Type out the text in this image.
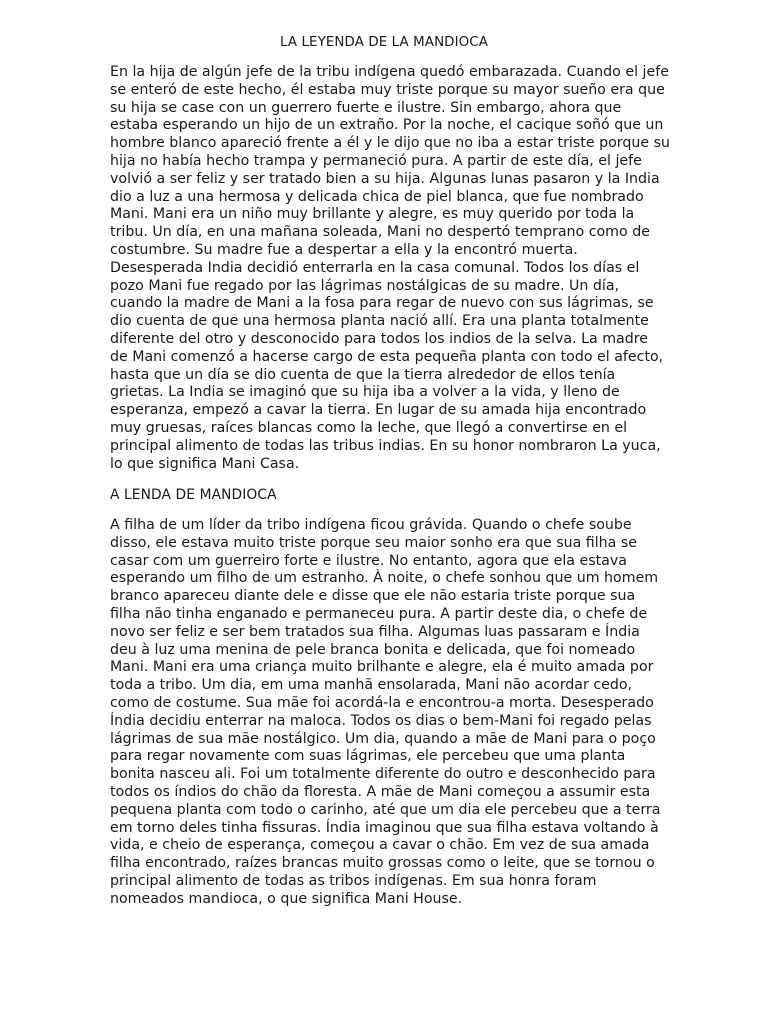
LA LEYENDA DE LA MANDIOCA

En la hija de algún jefe de la tribu indígena quedó embarazada. Cuando el jefe se enteró de este hecho, él estaba muy triste porque su mayor sueño era que su hija se case con un guerrero fuerte e ilustre. Sin embargo, ahora que estaba esperando un hijo de un extraño. Por la noche, el cacique soñó que un hombre blanco apareció frente a él y le dijo que no iba a estar triste porque su hija no había hecho trampa y permaneció pura. A partir de este día, el jefe volvió a ser feliz y ser tratado bien a su hija. Algunas lunas pasaron y la India dio a luz a una hermosa y delicada chica de piel blanca, que fue nombrado Mani. Mani era un niño muy brillante y alegre, es muy querido por toda la tribu. Un día, en una mañana soleada, Mani no despertó temprano como de costumbre. Su madre fue a despertar a ella y la encontró muerta. Desesperada India decidió enterrarla en la casa comunal. Todos los días el pozo Mani fue regado por las lágrimas nostálgicas de su madre. Un día, cuando la madre de Mani a la fosa para regar de nuevo con sus lágrimas, se dio cuenta de que una hermosa planta nació allí. Era una planta totalmente diferente del otro y desconocido para todos los indios de la selva. La madre de Mani comenzó a hacerse cargo de esta pequeña planta con todo el afecto, hasta que un día se dio cuenta de que la tierra alrededor de ellos tenía grietas. La India se imaginó que su hija iba a volver a la vida, y lleno de esperanza, empezó a cavar la tierra. En lugar de su amada hija encontrado muy gruesas, raíces blancas como la leche, que llegó a convertirse en el principal alimento de todas las tribus indias. En su honor nombraron La yuca, lo que significa Mani Casa.

A LENDA DE MANDIOCA

A filha de um líder da tribo indígena ficou grávida. Quando o chefe soube disso, ele estava muito triste porque seu maior sonho era que sua filha se casar com um guerreiro forte e ilustre. No entanto, agora que ela estava esperando um filho de um estranho. À noite, o chefe sonhou que um homem branco apareceu diante dele e disse que ele não estaria triste porque sua filha não tinha enganado e permaneceu pura. A partir deste dia, o chefe de novo ser feliz e ser bem tratados sua filha. Algumas luas passaram e Índia deu à luz uma menina de pele branca bonita e delicada, que foi nomeado Mani. Mani era uma criança muito brilhante e alegre, ela é muito amada por toda a tribo. Um dia, em uma manhã ensolarada, Mani não acordar cedo, como de costume. Sua mãe foi acordá-la e encontrou-a morta. Desesperado Índia decidiu enterrar na maloca. Todos os dias o bem-Mani foi regado pelas lágrimas de sua mãe nostálgico. Um dia, quando a mãe de Mani para o poço para regar novamente com suas lágrimas, ele percebeu que uma planta bonita nasceu ali. Foi um totalmente diferente do outro e desconhecido para todos os índios do chão da floresta. A mãe de Mani começou a assumir esta pequena planta com todo o carinho, até que um dia ele percebeu que a terra em torno deles tinha fissuras. Índia imaginou que sua filha estava voltando à vida, e cheio de esperança, começou a cavar o chão. Em vez de sua amada filha encontrado, raízes brancas muito grossas como o leite, que se tornou o principal alimento de todas as tribos indígenas. Em sua honra foram nomeados mandioca, o que significa Mani House.
